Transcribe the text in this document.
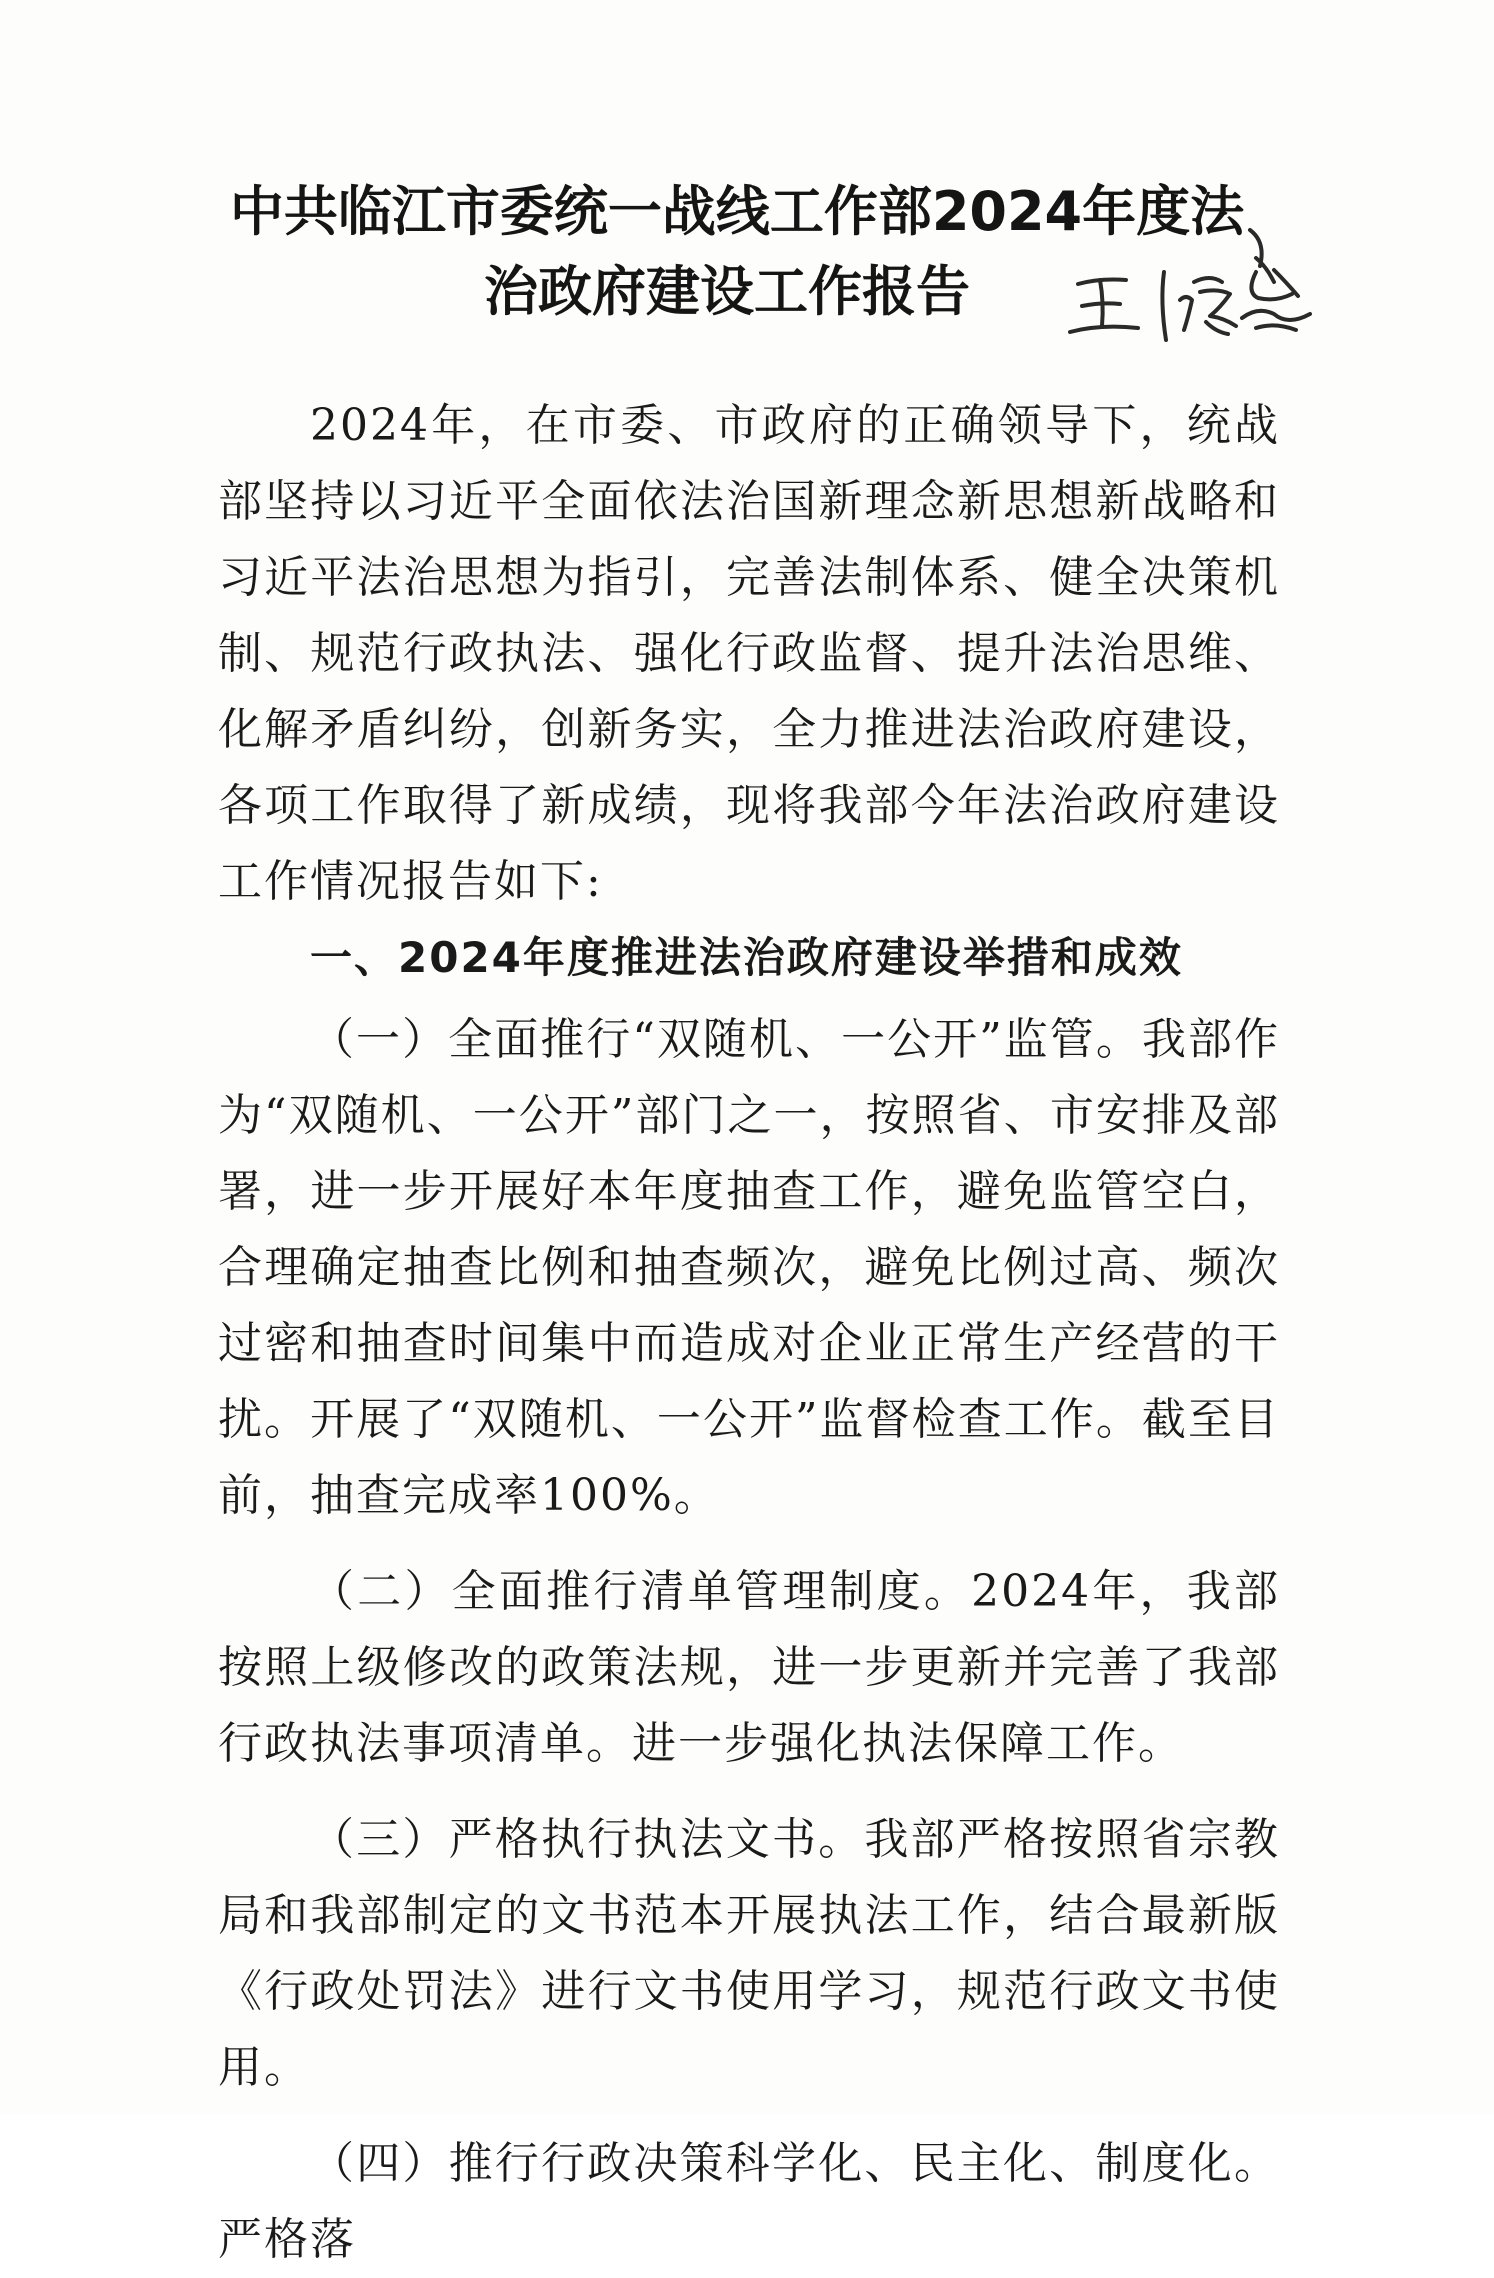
中共临江市委统一战线工作部2024年度法
治政府建设工作报告

2024年，在市委、市政府的正确领导下，统战部坚持以习近平全面依法治国新理念新思想新战略和习近平法治思想为指引，完善法制体系、健全决策机制、规范行政执法、强化行政监督、提升法治思维、化解矛盾纠纷，创新务实，全力推进法治政府建设，各项工作取得了新成绩，现将我部今年法治政府建设工作情况报告如下:

一、2024年度推进法治政府建设举措和成效

（一）全面推行“双随机、一公开”监管。我部作为“双随机、一公开”部门之一，按照省、市安排及部署，进一步开展好本年度抽查工作，避免监管空白，合理确定抽查比例和抽查频次，避免比例过高、频次过密和抽查时间集中而造成对企业正常生产经营的干扰。开展了“双随机、一公开”监督检查工作。截至目前，抽查完成率100%。

（二）全面推行清单管理制度。2024年，我部按照上级修改的政策法规，进一步更新并完善了我部行政执法事项清单。进一步强化执法保障工作。

（三）严格执行执法文书。我部严格按照省宗教局和我部制定的文书范本开展执法工作，结合最新版《行政处罚法》进行文书使用学习，规范行政文书使用。

（四）推行行政决策科学化、民主化、制度化。严格落
